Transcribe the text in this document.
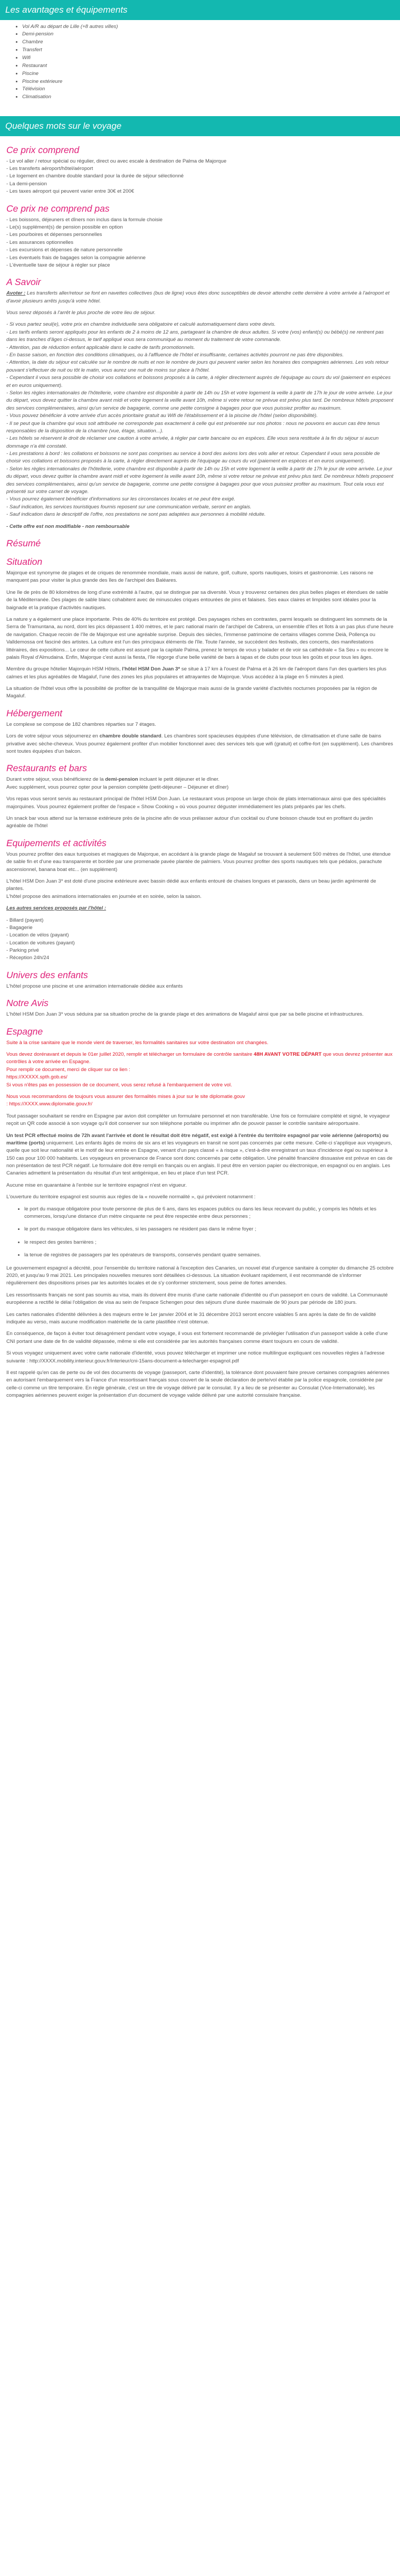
Les avantages et équipements
• Vol A/R au départ de Lille (+8 autres villes)
• Demi-pension
• Chambre
• Transfert
• Wifi
• Restaurant
• Piscine
• Piscine extérieure
• Télévision
• Climatisation
Quelques mots sur le voyage
Ce prix comprend

- Le vol aller / retour spécial ou régulier, direct ou avec escale à destination de Palma de Majorque

- Les transferts aéroport/hôtel/aéroport

- Le logement en chambre double standard pour la durée de séjour sélectionné

- La demi-pension

- Les taxes aéroport qui peuvent varier entre 30€ et 200€

Ce prix ne comprend pas

- Les boissons, déjeuners et dîners non inclus dans la formule choisie

- Le(s) supplément(s) de pension possible en option

- Les pourboires et dépenses personnelles

- Les assurances optionnelles

- Les excursions et dépenses de nature personnelle

- Les éventuels frais de bagages selon la compagnie aérienne

- L'éventuelle taxe de séjour à régler sur place

A Savoir

Avoter : Les transferts aller/retour se font en navettes collectives (bus de ligne) vous êtes donc susceptibles de devoir attendre cette dernière à votre arrivée à l'aéroport et d'avoir plusieurs arrêts jusqu'à votre hôtel.

Vous serez déposés à l'arrêt le plus proche de votre lieu de séjour.

- Si vous partez seul(e), votre prix en chambre individuelle sera obligatoire et calculé automatiquement dans votre devis.
- Les tarifs enfants seront appliqués pour les enfants de 2 à moins de 12 ans, partageant la chambre de deux adultes. Si votre (vos) enfant(s) ou bébé(s) ne rentrent pas dans les tranches d'âges ci-dessus, le tarif appliqué vous sera communiqué au moment du traitement de votre commande.
- Attention, pas de réduction enfant applicable dans le cadre de tarifs promotionnels.
- En basse saison, en fonction des conditions climatiques, ou à l'affluence de l'hôtel et insuffisante, certaines activités pourront ne pas être disponibles.
- Attention, la date du séjour est calculée sur le nombre de nuits et non le nombre de jours qui peuvent varier selon les horaires des compagnies aériennes. Les vols retour pouvant s'effectuer de nuit ou tôt le matin, vous aurez une nuit de moins sur place à l'hôtel.
- Cependant il vous sera possible de choisir vos collations et boissons proposés à la carte, à régler directement auprès de l'équipage au cours du vol (paiement en espèces et en euros uniquement).
- Selon les règles internationales de l'hôtellerie, votre chambre est disponible à partir de 14h ou 15h et votre logement la veille à partir de 17h le jour de votre arrivée. Le jour du départ, vous devez quitter la chambre avant midi et votre logement la veille avant 10h, même si votre retour ne prévue est prévu plus tard. De nombreux hôtels proposent des services complémentaires, ainsi qu'un service de bagagerie, comme une petite consigne à bagages pour que vous puissiez profiter au maximum.
- Vous pouvez bénéficier à votre arrivée d'un accès prioritaire gratuit au Wifi de l'établissement et à la piscine de l'hôtel (selon disponibilité).
- Il se peut que la chambre qui vous soit attribuée ne corresponde pas exactement à celle qui est présentée sur nos photos : nous ne pouvons en aucun cas être tenus responsables de la disposition de la chambre (vue, étage, situation...).
- Les hôtels se réservent le droit de réclamer une caution à votre arrivée, à régler par carte bancaire ou en espèces. Elle vous sera restituée à la fin du séjour si aucun dommage n'a été constaté.
- Les prestations à bord : les collations et boissons ne sont pas comprises au service à bord des avions lors des vols aller et retour. Cependant il vous sera possible de choisir vos collations et boissons proposés à la carte, à régler directement auprès de l'équipage au cours du vol (paiement en espèces et en euros uniquement).
- Selon les règles internationales de l'hôtellerie, votre chambre est disponible à partir de 14h ou 15h et votre logement la veille à partir de 17h le jour de votre arrivée. Le jour du départ, vous devez quitter la chambre avant midi et votre logement la veille avant 10h, même si votre retour ne prévue est prévu plus tard. De nombreux hôtels proposent des services complémentaires, ainsi qu'un service de bagagerie, comme une petite consigne à bagages pour que vous puissiez profiter au maximum. Tout cela vous est présenté sur votre carnet de voyage.
- Vous pourrez également bénéficier d'informations sur les circonstances locales et ne peut être exigé.
- Sauf indication, les services touristiques fournis reposent sur une communication verbale, seront en anglais.
- Sauf indication dans le descriptif de l'offre, nos prestations ne sont pas adaptées aux personnes à mobilité réduite.

- Cette offre est non modifiable - non remboursable

Résumé
Situation

Majorque est synonyme de plages et de criques de renommée mondiale, mais aussi de nature, golf, culture, sports nautiques, loisirs et gastronomie. Les raisons ne manquent pas pour visiter la plus grande des îles de l'archipel des Baléares.

Une île de près de 80 kilomètres de long d'une extrémité à l'autre, qui se distingue par sa diversité. Vous y trouverez certaines des plus belles plages et étendues de sable de la Méditerranée. Des plages de sable blanc cohabitent avec de minuscules criques entourées de pins et falaises. Ses eaux claires et limpides sont idéales pour la baignade et la pratique d'activités nautiques.

La nature y a également une place importante. Près de 40% du territoire est protégé. Des paysages riches en contrastes, parmi lesquels se distinguent les sommets de la Serra de Tramuntana, au nord, dont les pics dépassent 1 400 mètres, et le parc national marin de l'archipel de Cabrera, un ensemble d'îles et îlots à un pas plus d'une heure de navigation. Chaque recoin de l'île de Majorque est une agréable surprise. Depuis des siècles, l'immense patrimoine de certains villages comme Deià, Pollença ou Valldemossa ont fasciné des artistes. La culture est l'un des principaux éléments de l'île. Toute l'année, se succèdent des festivals, des concerts, des manifestations littéraires, des expositions... Le cœur de cette culture est assuré par la capitale Palma, prenez le temps de vous y balader et de voir sa cathédrale « Sa Seu » ou encore le palais Royal d'Almudaina. Enfin, Majorque c'est aussi la fiesta, l'île régorge d'une belle variété de bars à tapas et de clubs pour tous les goûts et pour tous les âges.

Membre du groupe hôtelier Majorquin HSM Hôtels, l'hôtel HSM Don Juan 3* se situe à 17 km à l'ouest de Palma et à 26 km de l'aéroport dans l'un des quartiers les plus calmes et les plus agréables de Magaluf, l'une des zones les plus populaires et attrayantes de Majorque. Vous accédez à la plage en 5 minutes à pied.

La situation de l'hôtel vous offre la possibilité de profiter de la tranquillité de Majorque mais aussi de la grande variété d'activités nocturnes proposées par la région de Magaluf.

Hébergement

Le complexe se compose de 182 chambres réparties sur 7 étages.

Lors de votre séjour vous séjournerez en chambre double standard. Les chambres sont spacieuses équipées d'une télévision, de climatisation et d'une salle de bains privative avec sèche-cheveux. Vous pourrez également profiter d'un mobilier fonctionnel avec des services tels que wifi (gratuit) et coffre-fort (en supplément). Les chambres sont toutes équipées d'un balcon.

Restaurants et bars

Durant votre séjour, vous bénéficierez de la demi-pension incluant le petit déjeuner et le dîner.
Avec supplément, vous pourrez opter pour la pension complète (petit-déjeuner – Déjeuner et dîner)

Vos repas vous seront servis au restaurant principal de l'hôtel HSM Don Juan. Le restaurant vous propose un large choix de plats internationaux ainsi que des spécialités majorquines. Vous pourrez également profiter de l'espace « Show Cooking » où vous pourrez déguster immédiatement les plats préparés par les chefs.

Un snack bar vous attend sur la terrasse extérieure près de la piscine afin de vous prélasser autour d'un cocktail ou d'une boisson chaude tout en profitant du jardin agréable de l'hôtel

Equipements et activités

Vous pourrez profiter des eaux turquoises et magiques de Majorque, en accédant à la grande plage de Magaluf se trouvant à seulement 500 mètres de l'hôtel, une étendue de sable fin et d'une eau transparente et bordée par une promenade pavée plantée de palmiers. Vous pourrez profiter des sports nautiques tels que pédalos, parachute ascensionnel, banana boat etc... (en supplément)

L'hôtel HSM Don Juan 3* est doté d'une piscine extérieure avec bassin dédié aux enfants entouré de chaises longues et parasols, dans un beau jardin agrémenté de plantes.

L'hôtel propose des animations internationales en journée et en soirée, selon la saison.

Les autres services proposés par l'hôtel :

- Billard (payant)

- Bagagerie

- Location de vélos (payant)

- Location de voitures (payant)

- Parking privé

- Réception 24h/24

Univers des enfants

L'hôtel propose une piscine et une animation internationale dédiée aux enfants

Notre Avis

L'hôtel HSM Don Juan 3* vous séduira par sa situation proche de la grande plage et des animations de Magaluf ainsi que par sa belle piscine et infrastructures.

Espagne

Suite à la crise sanitaire que le monde vient de traverser, les formalités sanitaires sur votre destination ont changées.

Vous devez dorénavant et depuis le 01er juillet 2020, remplir et télécharger un formulaire de contrôle sanitaire 48H AVANT VOTRE DÉPART que vous devrez présenter aux contrôles à votre arrivée en Espagne.

Pour remplir ce document, merci de cliquer sur ce lien :

https://XXXXX.spth.gob.es/

Si vous n'êtes pas en possession de ce document, vous serez refusé à l'embarquement de votre vol.

Nous vous recommandons de toujours vous assurer des formalités mises à jour sur le site diplomatie.gouv

: https://XXXX.www.diplomatie.gouv.fr/

Tout passager souhaitant se rendre en Espagne par avion doit compléter un formulaire personnel et non transférable. Une fois ce formulaire complété et signé, le voyageur reçoit un QR code associé à son voyage qu'il doit conserver sur son téléphone portable ou imprimer afin de pouvoir passer le contrôle sanitaire aéroportuaire.

Un test PCR effectué moins de 72h avant l'arrivée et dont le résultat doit être négatif, est exigé à l'entrée du territoire espagnol par voie aérienne (aéroports) ou maritime (ports) uniquement. Les enfants âgés de moins de six ans et les voyageurs en transit ne sont pas concernés par cette mesure. Celle-ci s'applique aux voyageurs, quelle que soit leur nationalité et le motif de leur entrée en Espagne, venant d'un pays classé « à risque », c'est-à-dire enregistrant un taux d'incidence égal ou supérieur à 150 cas pour 100 000 habitants. Les voyageurs en provenance de France sont donc concernés par cette obligation. Une pénalité financière dissuasive est prévue en cas de non présentation de test PCR négatif. Le formulaire doit être rempli en français ou en anglais. Il peut être en version papier ou électronique, en espagnol ou en anglais. Les Canaries admettent la présentation du résultat d'un test antigénique, en lieu et place d'un test PCR.

Aucune mise en quarantaine à l'entrée sur le territoire espagnol n'est en vigueur.

L'ouverture du territoire espagnol est soumis aux règles de la « nouvelle normalité », qui prévoient notamment :

• le port du masque obligatoire pour toute personne de plus de 6 ans, dans les espaces publics ou dans les lieux recevant du public, y compris les hôtels et les commerces, lorsqu'une distance d'un mètre cinquante ne peut être respectée entre deux personnes ;
• le port du masque obligatoire dans les véhicules, si les passagers ne résident pas dans le même foyer ;
• le respect des gestes barrières ;
• la tenue de registres de passagers par les opérateurs de transports, conservés pendant quatre semaines.

Le gouvernement espagnol a décrété, pour l'ensemble du territoire national à l'exception des Canaries, un nouvel état d'urgence sanitaire à compter du dimanche 25 octobre 2020, et jusqu'au 9 mai 2021. Les principales nouvelles mesures sont détaillées ci-dessous. La situation évoluant rapidement, il est recommandé de s'informer régulièrement des dispositions prises par les autorités locales et de s'y conformer strictement, sous peine de fortes amendes.

Les ressortissants français ne sont pas soumis au visa, mais ils doivent être munis d'une carte nationale d'identité ou d'un passeport en cours de validité. La Communauté européenne a rectifié le délai l'obligation de visa au sein de l'espace Schengen pour des séjours d'une durée maximale de 90 jours par période de 180 jours.

Les cartes nationales d'identité délivrées à des majeurs entre le 1er janvier 2004 et le 31 décembre 2013 seront encore valables 5 ans après la date de fin de validité indiquée au verso, mais aucune modification matérielle de la carte plastifiée n'est obtenue.

En conséquence, de façon à éviter tout désagrément pendant votre voyage, il vous est fortement recommandé de privilégier l'utilisation d'un passeport valide à celle d'une CNI portant une date de fin de validité dépassée, même si elle est considérée par les autorités françaises comme étant toujours en cours de validité.

Si vous voyagez uniquement avec votre carte nationale d'identité, vous pouvez télécharger et imprimer une notice multilingue expliquant ces nouvelles règles à l'adresse suivante : http://XXXX.mobility.interieur.gouv.fr/interieur/cni-15ans-document-a-telecharger-espagnol.pdf

Il est rappelé qu'en cas de perte ou de vol des documents de voyage (passeport, carte d'identité), la tolérance dont pouvaient faire preuve certaines compagnies aériennes en autorisant l'embarquement vers la France d'un ressortissant français sous couvert de la seule déclaration de perte/vol établie par la police espagnole, considérée par celle-ci comme un titre temporaire. En règle générale, c'est un titre de voyage délivré par le consulat. Il y a lieu de se présenter au Consulat (Vice-Internationale), les compagnies aériennes peuvent exiger la présentation d'un document de voyage valide délivré par une autorité consulaire française.
